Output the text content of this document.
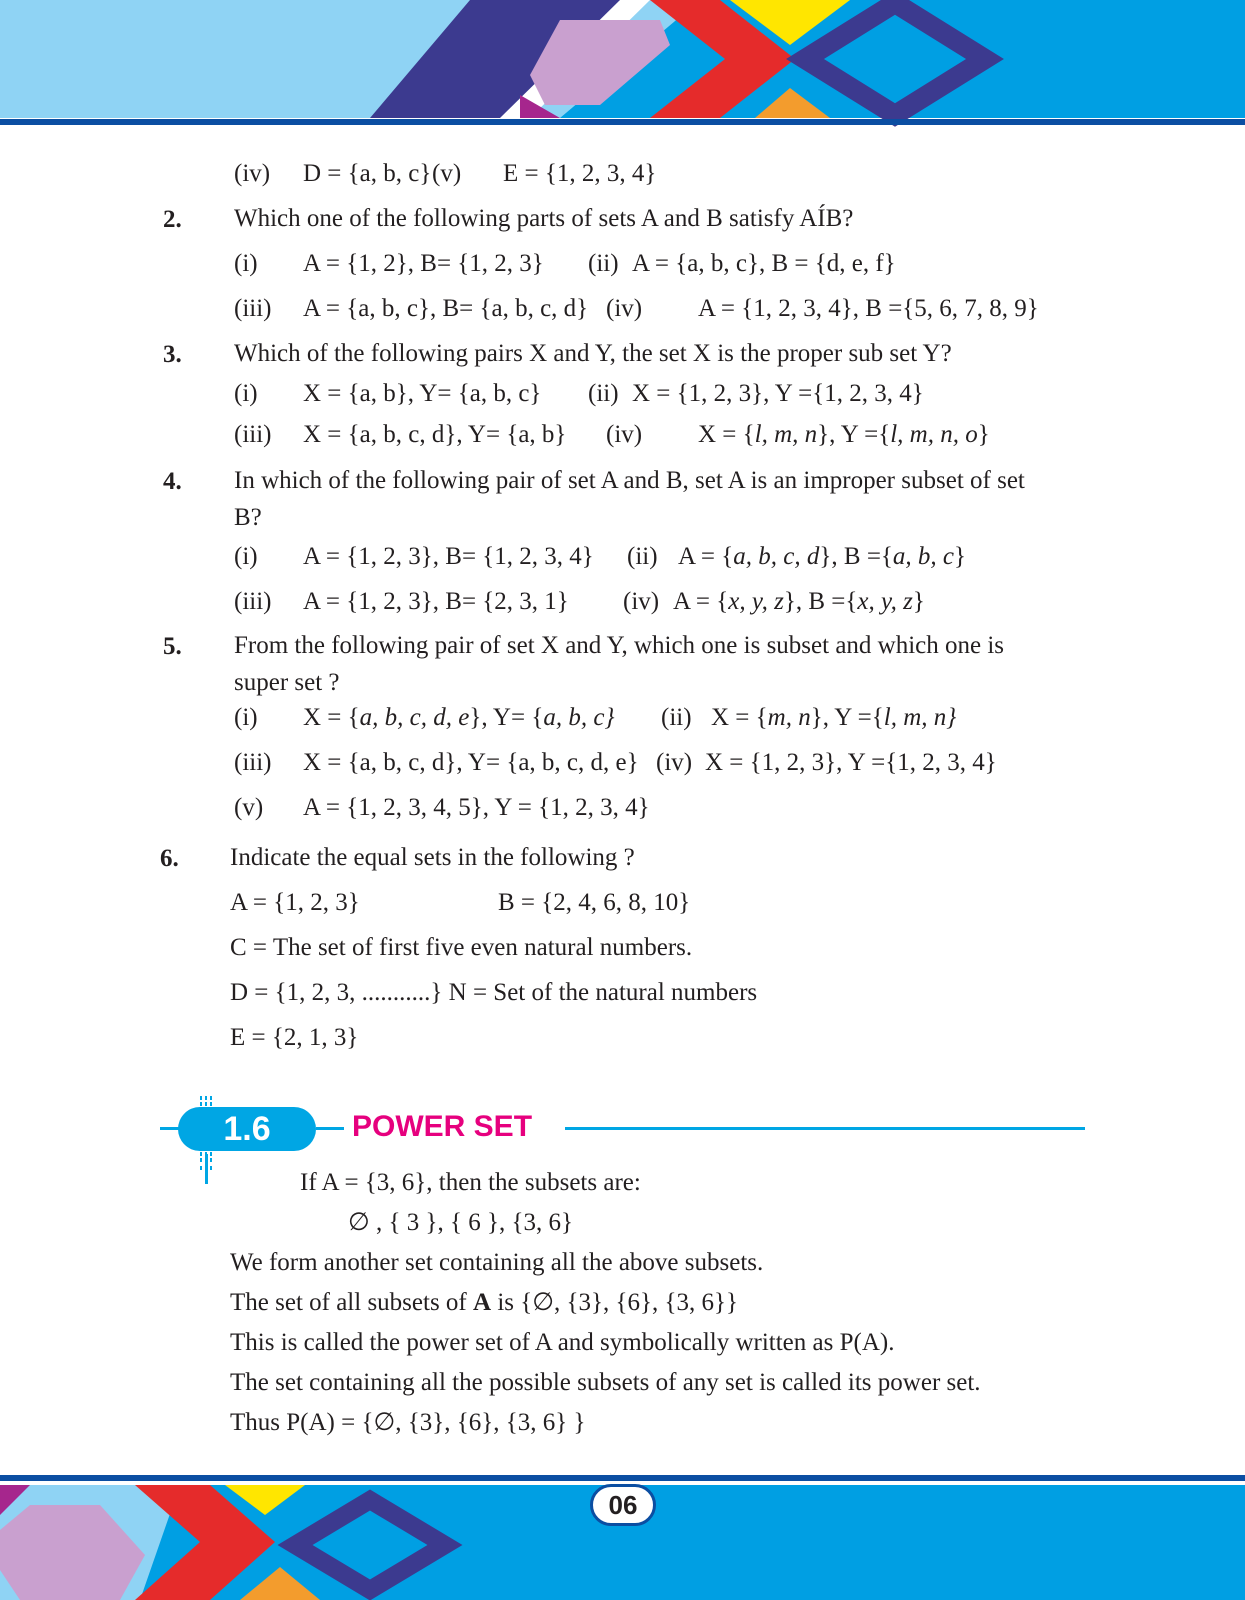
(iv) D = {a, b, c} (v) E = {1, 2, 3, 4}
2. Which one of the following parts of sets A and B satisfy AÍB?
(i) A = {1, 2}, B= {1, 2, 3} (ii) A = {a, b, c}, B = {d, e, f}
(iii) A = {a, b, c}, B= {a, b, c, d} (iv) A = {1, 2, 3, 4}, B ={5, 6, 7, 8, 9}
3. Which of the following pairs X and Y, the set X is the proper sub set Y?
(i) X = {a, b}, Y= {a, b, c} (ii) X = {1, 2, 3}, Y ={1, 2, 3, 4}
(iii) X = {a, b, c, d}, Y= {a, b} (iv) X = {l, m, n}, Y ={l, m, n, o}
4. In which of the following pair of set A and B, set A is an improper subset of set
B?
(i) A = {1, 2, 3}, B= {1, 2, 3, 4} (ii) A = {a, b, c, d}, B ={a, b, c}
(iii) A = {1, 2, 3}, B= {2, 3, 1} (iv) A = {x, y, z}, B ={x, y, z}
5. From the following pair of set X and Y, which one is subset and which one is
super set ?
(i) X = {a, b, c, d, e}, Y= {a, b, c} (ii) X = {m, n}, Y ={l, m, n}
(iii) X = {a, b, c, d}, Y= {a, b, c, d, e} (iv) X = {1, 2, 3}, Y ={1, 2, 3, 4}
(v) A = {1, 2, 3, 4, 5}, Y = {1, 2, 3, 4}
6. Indicate the equal sets in the following ?
A = {1, 2, 3}	B = {2, 4, 6, 8, 10}
C = The set of first five even natural numbers.
D = {1, 2, 3, ...........} N = Set of the natural numbers
E = {2, 1, 3}
1.6	POWER SET
If A = {3, 6}, then the subsets are:
∅ , { 3 }, { 6 }, {3, 6}
We form another set containing all the above subsets.
The set of all subsets of A is {∅, {3}, {6}, {3, 6}}
This is called the power set of A and symbolically written as P(A).
The set containing all the possible subsets of any set is called its power set.
Thus P(A) = {∅, {3}, {6}, {3, 6} }
06
